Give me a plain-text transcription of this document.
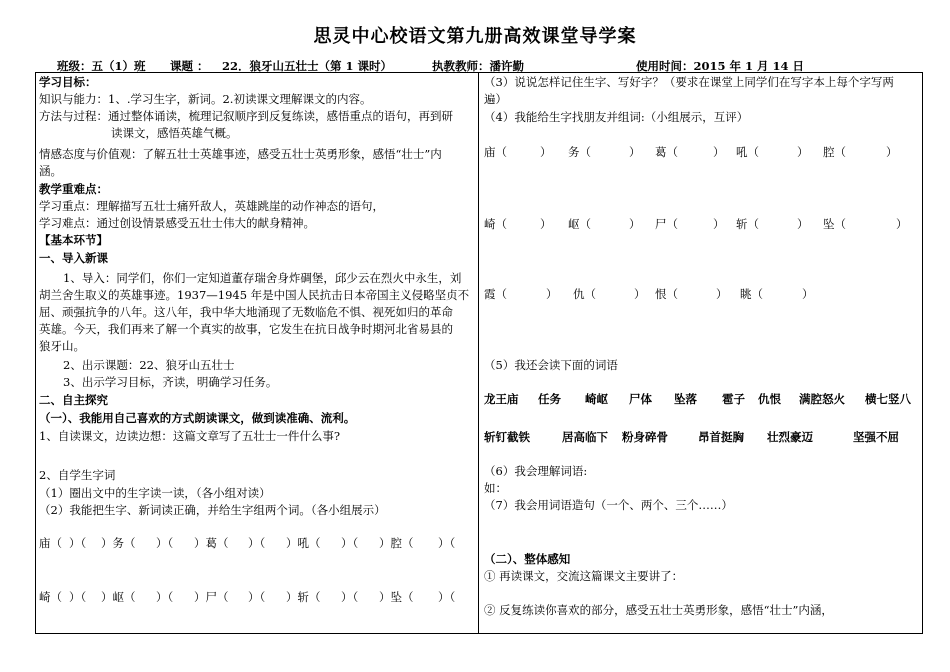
思灵中心校语文第九册高效课堂导学案
班级：五（1）班 课题 ： 22．狼牙山五壮士（第 1 课时）	执教教师：潘许勤	使用时间：2015 年 1 月 14 日
学习目标：
知识与能力：1、.学习生字，新词。2.初读课文理解课文的内容。
方法与过程：通过整体诵读，梳理记叙顺序到反复练读，感悟重点的语句，再到研
读课文，感悟英雄气概。
情感态度与价值观：了解五壮士英雄事迹，感受五壮士英勇形象，感悟“壮士”内
涵。
教学重难点：
学习重点：理解描写五壮士痛歼敌人，英雄跳崖的动作神态的语句，
学习难点：通过创设情景感受五壮士伟大的献身精神。
【基本环节】
一、导入新课
1、导入：同学们，你们一定知道董存瑞舍身炸碉堡，邱少云在烈火中永生，刘
胡兰舍生取义的英雄事迹。1937—1945 年是中国人民抗击日本帝国主义侵略坚贞不
屈、顽强抗争的八年。这八年，我中华大地涌现了无数临危不惧、视死如归的革命
英雄。今天，我们再来了解一个真实的故事，它发生在抗日战争时期河北省易县的
狼牙山。
2、出示课题：22、狼牙山五壮士
3、出示学习目标，齐读，明确学习任务。
二、自主探究
（一）、我能用自己喜欢的方式朗读课文，做到读准确、流利。
1、自读课文，边读边想：这篇文章写了五壮士一件什么事?
2、自学生字词
（1）圈出文中的生字读一读，（各小组对读）
（2）我能把生字、新词读正确，并给生字组两个词。（各小组展示）
庙（ ）（ ）务（ ）（ ）葛（ ）（ ）吼（ ）（ ）腔（ ）（
崎（ ）（ ）岖（ ）（ ）尸（ ）（ ）斩（ ）（ ）坠（ ）（
（3）说说怎样记住生字、写好字？（要求在课堂上同学们在写字本上每个字写两
遍）
（4）我能给生字找朋友并组词:（小组展示，互评）
庙（	） 务（	） 葛（	） 吼（	） 腔（	）
崎（	） 岖（	） 尸（	） 斩（	） 坠（	）
霞（	） 仇（	） 恨（	） 眺（	）
（5）我还会读下面的词语
龙王庙 任务 崎岖 尸体 坠落 雹子 仇恨 满腔怒火 横七竖八
斩钉截铁	居高临下 粉身碎骨	昂首挺胸 壮烈豪迈	坚强不屈
（6）我会理解词语:
如：
（7）我会用词语造句（一个、两个、三个……）
（二）、整体感知
① 再读课文，交流这篇课文主要讲了：
② 反复练读你喜欢的部分，感受五壮士英勇形象，感悟“壮士”内涵，
